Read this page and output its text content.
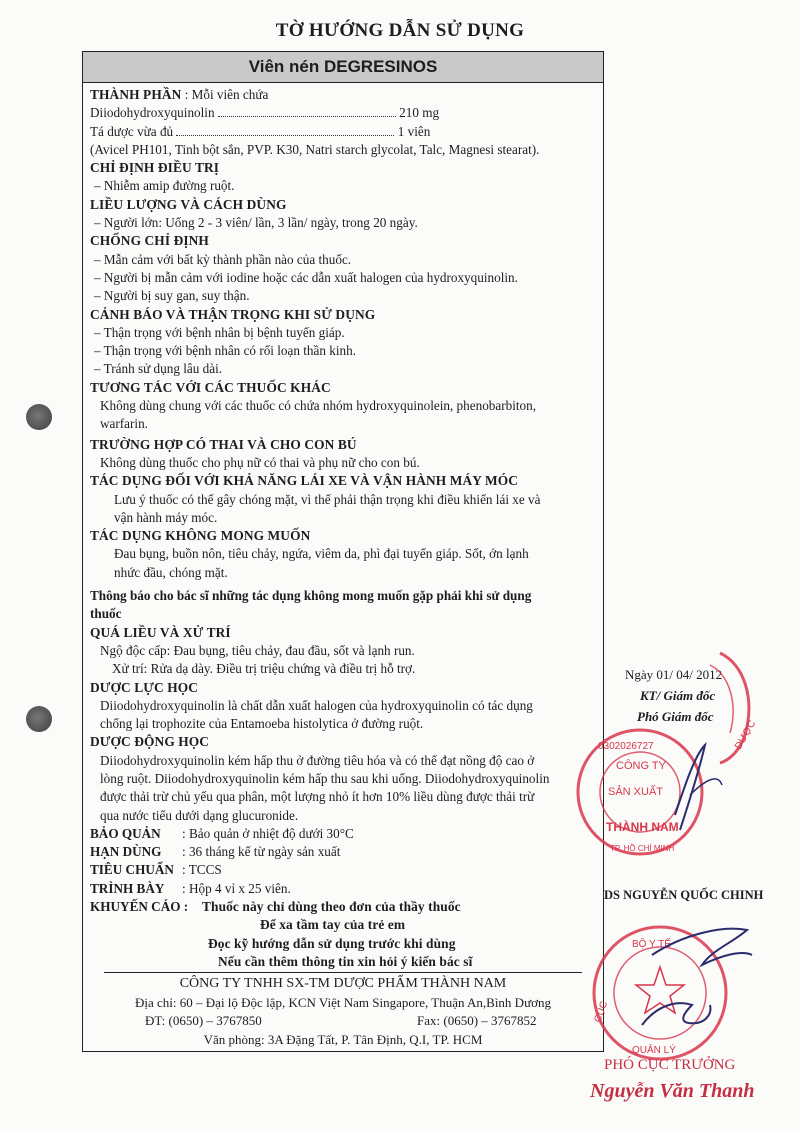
TỜ HƯỚNG DẪN SỬ DỤNG
Viên nén DEGRESINOS
THÀNH PHẦN : Mỗi viên chứa
Diiodohydroxyquinolin	210 mg
Tá dược vừa đủ	1 viên
(Avicel PH101, Tinh bột sắn, PVP. K30, Natri starch glycolat, Talc, Magnesi stearat).
CHỈ ĐỊNH ĐIỀU TRỊ
– Nhiễm amip đường ruột.
LIỀU LƯỢNG VÀ CÁCH DÙNG
– Người lớn: Uống 2 - 3 viên/ lần, 3 lần/ ngày, trong 20 ngày.
CHỐNG CHỈ ĐỊNH
– Mẫn cảm với bất kỳ thành phần nào của thuốc.
– Người bị mẫn cảm với iodine hoặc các dẫn xuất halogen của hydroxyquinolin.
– Người bị suy gan, suy thận.
CẢNH BÁO VÀ THẬN TRỌNG KHI SỬ DỤNG
– Thận trọng với bệnh nhân bị bệnh tuyến giáp.
– Thận trọng với bệnh nhân có rối loạn thần kinh.
– Tránh sử dụng lâu dài.
TƯƠNG TÁC VỚI CÁC THUỐC KHÁC
Không dùng chung với các thuốc có chứa nhóm hydroxyquinolein, phenobarbiton,
warfarin.
TRƯỜNG HỢP CÓ THAI VÀ CHO CON BÚ
Không dùng thuốc cho phụ nữ có thai và phụ nữ cho con bú.
TÁC DỤNG ĐỐI VỚI KHẢ NĂNG LÁI XE VÀ VẬN HÀNH MÁY MÓC
Lưu ý thuốc có thể gây chóng mặt, vì thế phải thận trọng khi điều khiển lái xe và
vận hành máy móc.
TÁC DỤNG KHÔNG MONG MUỐN
Đau bụng, buồn nôn, tiêu chảy, ngứa, viêm da, phì đại tuyến giáp. Sốt, ớn lạnh
nhức đầu, chóng mặt.
Thông báo cho bác sĩ những tác dụng không mong muốn gặp phải khi sử dụng
thuốc
QUÁ LIỀU VÀ XỬ TRÍ
Ngộ độc cấp: Đau bụng, tiêu chảy, đau đầu, sốt và lạnh run.
Xử trí: Rửa dạ dày. Điều trị triệu chứng và điều trị hỗ trợ.
DƯỢC LỰC HỌC
Diiodohydroxyquinolin là chất dẫn xuất halogen của hydroxyquinolin có tác dụng
chống lại trophozite của Entamoeba histolytica ở đường ruột.
DƯỢC ĐỘNG HỌC
Diiodohydroxyquinolin kém hấp thu ở đường tiêu hóa và có thể đạt nồng độ cao ở
lòng ruột. Diiodohydroxyquinolin kém hấp thu sau khi uống. Diiodohydroxyquinolin
được thải trừ chủ yếu qua phân, một lượng nhỏ ít hơn 10% liều dùng được thải trừ
qua nước tiểu dưới dạng glucuronide.
BẢO QUẢN : Bảo quản ở nhiệt độ dưới 30°C
HẠN DÙNG : 36 tháng kể từ ngày sản xuất
TIÊU CHUẨN : TCCS
TRÌNH BÀY : Hộp 4 vỉ x 25 viên.
KHUYẾN CÁO : Thuốc này chỉ dùng theo đơn của thầy thuốc
Để xa tầm tay của trẻ em
Đọc kỹ hướng dẫn sử dụng trước khi dùng
Nếu cần thêm thông tin xin hỏi ý kiến bác sĩ
CÔNG TY TNHH SX-TM DƯỢC PHẨM THÀNH NAM
Địa chỉ: 60 – Đại lộ Độc lập, KCN Việt Nam Singapore, Thuận An,Bình Dương
ĐT: (0650) – 3767850	Fax: (0650) – 3767852
Văn phòng: 3A Đặng Tất, P. Tân Định, Q.I, TP. HCM
Ngày 01/ 04/ 2012
KT/ Giám đốc
Phó Giám đốc
0302026727
CÔNG TY
SẢN XUẤT
THÀNH NAM
TP. HỒ CHÍ MINH
DƯỢC
DS NGUYỄN QUỐC CHINH
BỘ Y TẾ
CỤC
QUẢN LÝ
PHÓ CỤC TRƯỞNG
Nguyễn Văn Thanh
